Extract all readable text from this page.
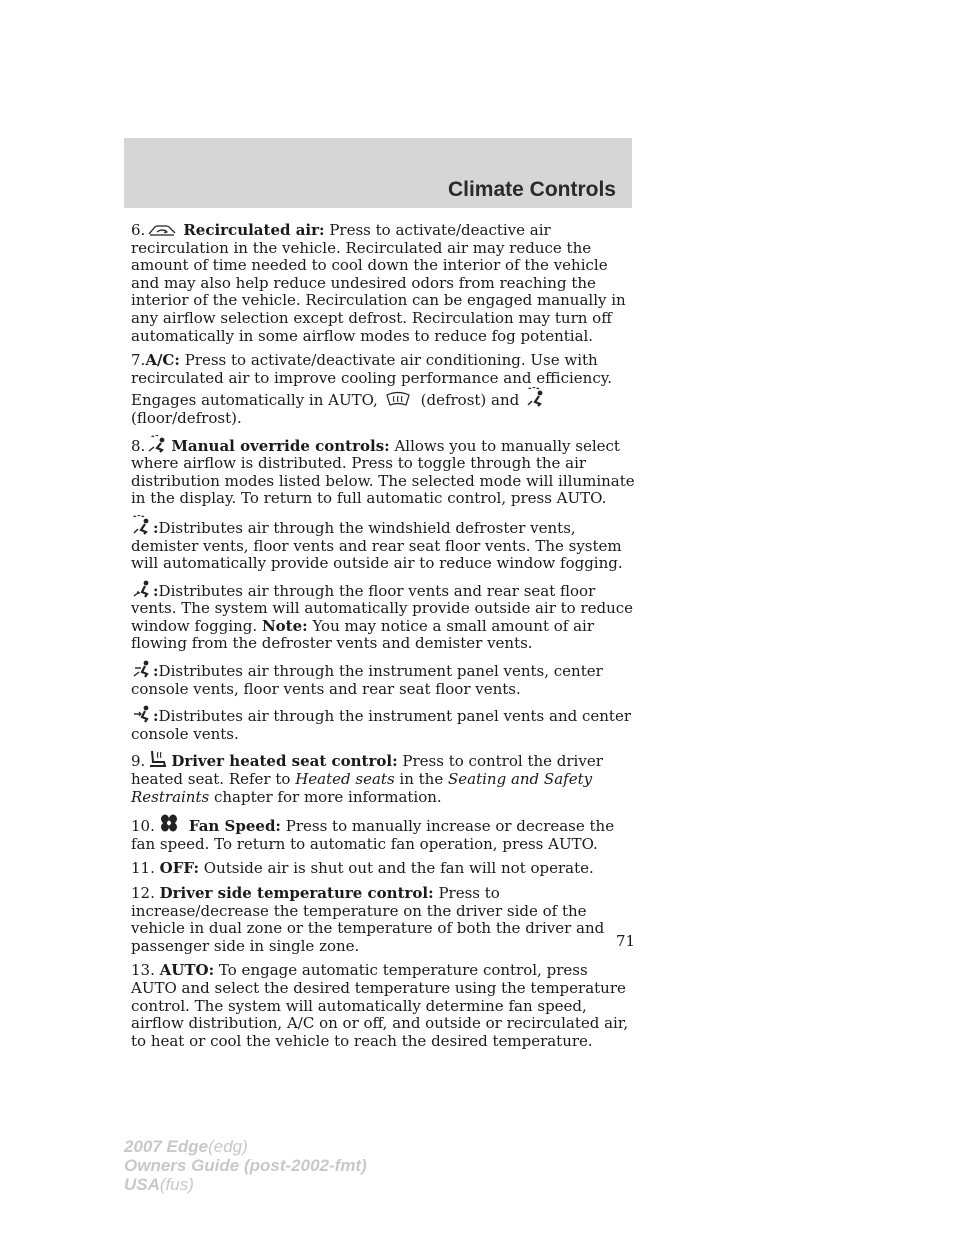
Climate Controls

6.	Recirculated air: Press to activate/deactive air recirculation in the vehicle. Recirculated air may reduce the amount of time needed to cool down the interior of the vehicle and may also help reduce undesired odors from reaching the interior of the vehicle. Recirculation can be engaged manually in any airflow selection except defrost. Recirculation may turn off automatically in some airflow modes to reduce fog potential.

7.A/C: Press to activate/deactivate air conditioning. Use with recirculated air to improve cooling performance and efficiency. Engages automatically in AUTO,	(defrost) and
(floor/defrost).

8. Manual override controls: Allows you to manually select where airflow is distributed. Press to toggle through the air distribution modes listed below. The selected mode will illuminate in the display. To return to full automatic control, press AUTO.

:Distributes air through the windshield defroster vents, demister vents, floor vents and rear seat floor vents. The system will automatically provide outside air to reduce window fogging.

:Distributes air through the floor vents and rear seat floor vents. The system will automatically provide outside air to reduce window fogging. Note: You may notice a small amount of air flowing from the defroster vents and demister vents.

:Distributes air through the instrument panel vents, center console vents, floor vents and rear seat floor vents.

:Distributes air through the instrument panel vents and center console vents.

9. Driver heated seat control: Press to control the driver heated seat. Refer to Heated seats in the Seating and Safety Restraints chapter for more information.

10. Fan Speed: Press to manually increase or decrease the fan speed. To return to automatic fan operation, press AUTO.

11. OFF: Outside air is shut out and the fan will not operate.

12. Driver side temperature control: Press to increase/decrease the temperature on the driver side of the vehicle in dual zone or the temperature of both the driver and passenger side in single zone.

13. AUTO: To engage automatic temperature control, press AUTO and select the desired temperature using the temperature control. The system will automatically determine fan speed, airflow distribution, A/C on or off, and outside or recirculated air, to heat or cool the vehicle to reach the desired temperature.

71
2007 Edge(edg)
Owners Guide (post-2002-fmt)
USA(fus)
